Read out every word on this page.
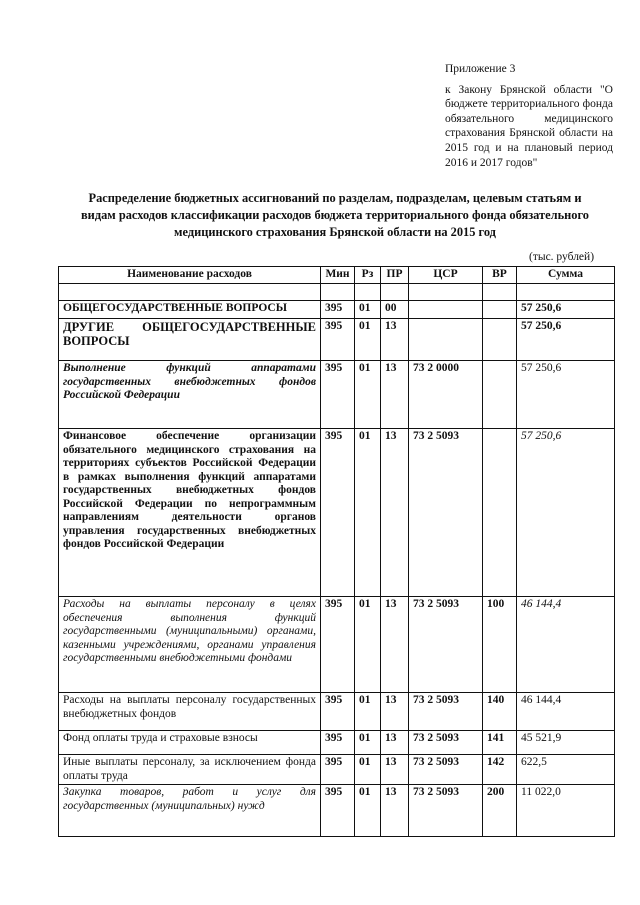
Приложение 3
к Закону Брянской области "О бюджете территориального фонда обязательного медицинского страхования Брянской области на 2015 год и на плановый период 2016 и 2017 годов"
Распределение бюджетных ассигнований по разделам, подразделам, целевым статьям и видам расходов классификации расходов бюджета территориального фонда обязательного медицинского страхования Брянской области на 2015 год
(тыс. рублей)
Наименование расходов	Мин	Рз	ПР	ЦСР	ВР	Сумма

ОБЩЕГОСУДАРСТВЕННЫЕ ВОПРОСЫ	395	01	00			57 250,6
ДРУГИЕ ОБЩЕГОСУДАРСТВЕННЫЕ ВОПРОСЫ	395	01	13			57 250,6
Выполнение функций аппаратами государственных внебюджетных фондов Российской Федерации	395	01	13	73 2 0000		57 250,6
Финансовое обеспечение организации обязательного медицинского страхования на территориях субъектов Российской Федерации в рамках выполнения функций аппаратами государственных внебюджетных фондов Российской Федерации по непрограммным направлениям деятельности органов управления государственных внебюджетных фондов Российской Федерации	395	01	13	73 2 5093		57 250,6
Расходы на выплаты персоналу в целях обеспечения выполнения функций государственными (муниципальными) органами, казенными учреждениями, органами управления государственными внебюджетными фондами	395	01	13	73 2 5093	100	46 144,4
Расходы на выплаты персоналу государственных внебюджетных фондов	395	01	13	73 2 5093	140	46 144,4
Фонд оплаты труда и страховые взносы	395	01	13	73 2 5093	141	45 521,9
Иные выплаты персоналу, за исключением фонда оплаты труда	395	01	13	73 2 5093	142	622,5
Закупка товаров, работ и услуг для государственных (муниципальных) нужд	395	01	13	73 2 5093	200	11 022,0
